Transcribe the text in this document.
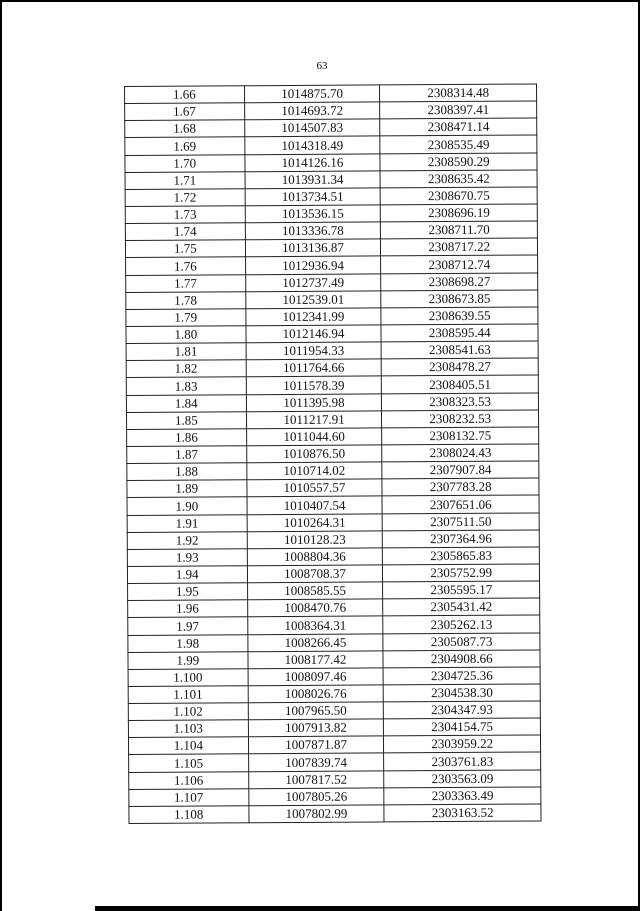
63
1.66	1014875.70	2308314.48
1.67	1014693.72	2308397.41
1.68	1014507.83	2308471.14
1.69	1014318.49	2308535.49
1.70	1014126.16	2308590.29
1.71	1013931.34	2308635.42
1.72	1013734.51	2308670.75
1.73	1013536.15	2308696.19
1.74	1013336.78	2308711.70
1.75	1013136.87	2308717.22
1.76	1012936.94	2308712.74
1.77	1012737.49	2308698.27
1.78	1012539.01	2308673.85
1.79	1012341.99	2308639.55
1.80	1012146.94	2308595.44
1.81	1011954.33	2308541.63
1.82	1011764.66	2308478.27
1.83	1011578.39	2308405.51
1.84	1011395.98	2308323.53
1.85	1011217.91	2308232.53
1.86	1011044.60	2308132.75
1.87	1010876.50	2308024.43
1.88	1010714.02	2307907.84
1.89	1010557.57	2307783.28
1.90	1010407.54	2307651.06
1.91	1010264.31	2307511.50
1.92	1010128.23	2307364.96
1.93	1008804.36	2305865.83
1.94	1008708.37	2305752.99
1.95	1008585.55	2305595.17
1.96	1008470.76	2305431.42
1.97	1008364.31	2305262.13
1.98	1008266.45	2305087.73
1.99	1008177.42	2304908.66
1.100	1008097.46	2304725.36
1.101	1008026.76	2304538.30
1.102	1007965.50	2304347.93
1.103	1007913.82	2304154.75
1.104	1007871.87	2303959.22
1.105	1007839.74	2303761.83
1.106	1007817.52	2303563.09
1.107	1007805.26	2303363.49
1.108	1007802.99	2303163.52
